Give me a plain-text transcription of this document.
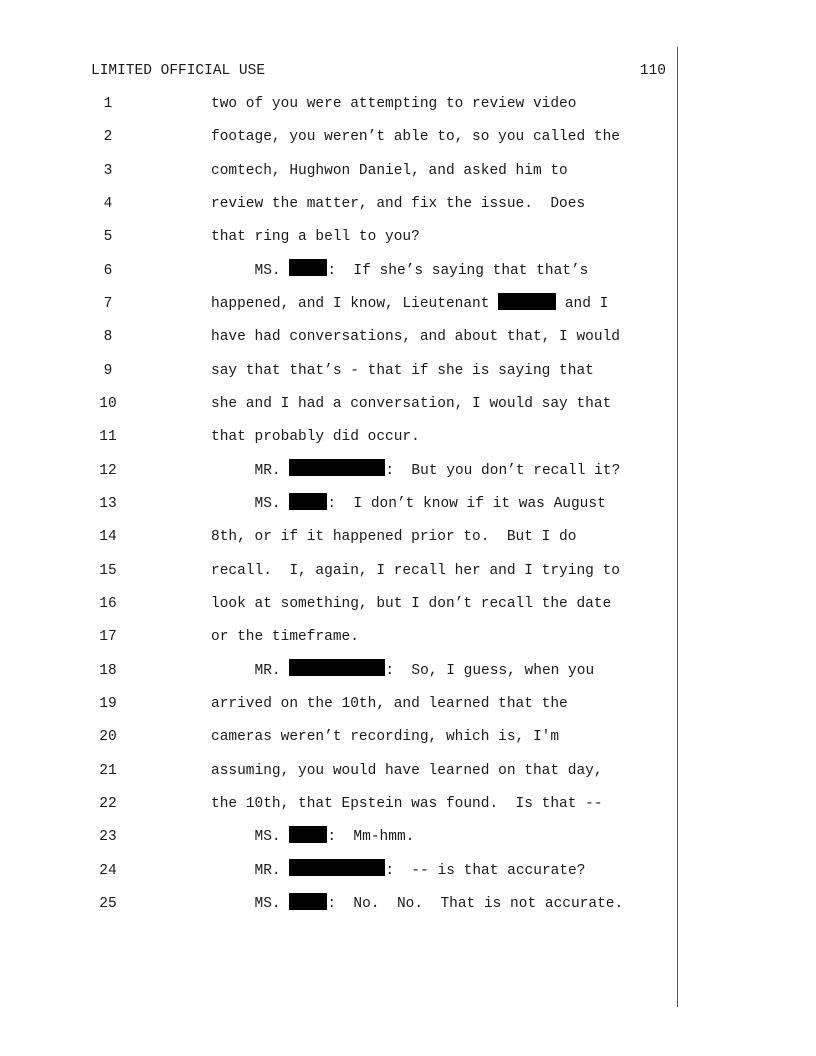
LIMITED OFFICIAL USE	110
1	two of you were attempting to review video
2	footage, you weren’t able to, so you called the
3	comtech, Hughwon Daniel, and asked him to
4	review the matter, and fix the issue.  Does
5	that ring a bell to you?
6	MS.	:  If she’s saying that that’s
7	happened, and I know, Lieutenant	and I
8	have had conversations, and about that, I would
9	say that that’s - that if she is saying that
10	she and I had a conversation, I would say that
11	that probably did occur.
12	MR.	:  But you don’t recall it?
13	MS.	:  I don’t know if it was August
14	8th, or if it happened prior to.  But I do
15	recall.  I, again, I recall her and I trying to
16	look at something, but I don’t recall the date
17	or the timeframe.
18	MR.	:  So, I guess, when you
19	arrived on the 10th, and learned that the
20	cameras weren’t recording, which is, I'm
21	assuming, you would have learned on that day,
22	the 10th, that Epstein was found.  Is that --
23	MS.	:  Mm-hmm.
24	MR.	:  -- is that accurate?
25	MS.	:  No.  No.  That is not accurate.
